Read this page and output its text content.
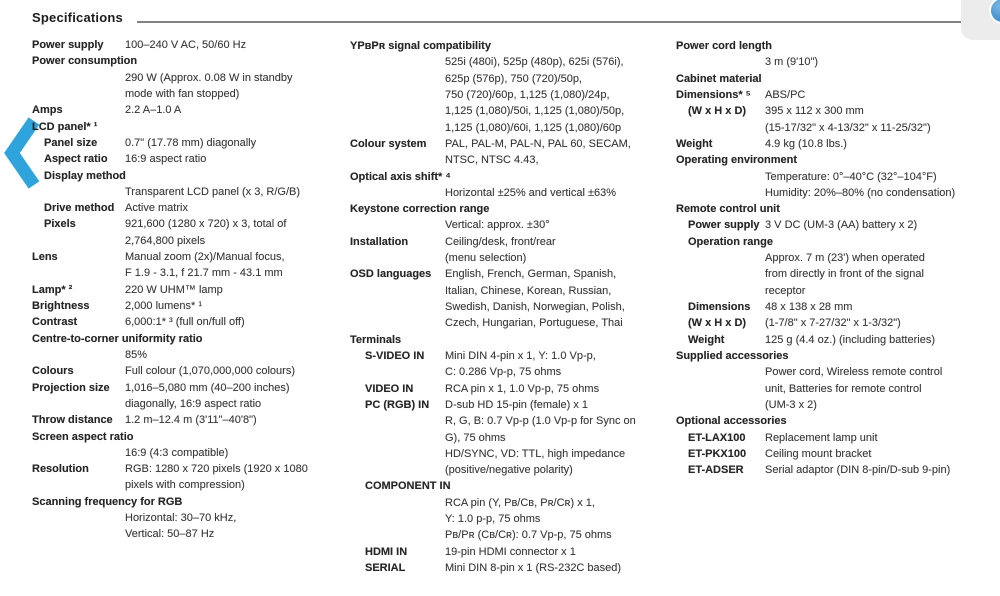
Specifications
Power supply 100–240 V AC, 50/60 Hz
Power consumption
290 W (Approx. 0.08 W in standby
mode with fan stopped)
Amps	2.2 A–1.0 A
LCD panel* ¹
Panel size	0.7" (17.78 mm) diagonally
Aspect ratio 16:9 aspect ratio
Display method
Transparent LCD panel (x 3, R/G/B)
Drive method Active matrix
Pixels	921,600 (1280 x 720) x 3, total of
2,764,800 pixels
Lens	Manual zoom (2x)/Manual focus,
F 1.9 - 3.1, f 21.7 mm - 43.1 mm
Lamp* ²	220 W UHM™ lamp
Brightness	2,000 lumens* ¹
Contrast	6,000:1* ³ (full on/full off)
Centre-to-corner uniformity ratio
85%
Colours	Full colour (1,070,000,000 colours)
Projection size 1,016–5,080 mm (40–200 inches)
diagonally, 16:9 aspect ratio
Throw distance 1.2 m–12.4 m (3'11"–40'8")
Screen aspect ratio
16:9 (4:3 compatible)
Resolution	RGB: 1280 x 720 pixels (1920 x 1080
pixels with compression)
Scanning frequency for RGB
Horizontal: 30–70 kHz,
Vertical: 50–87 Hz
YPʙPʀ signal compatibility
525i (480i), 525p (480p), 625i (576i),
625p (576p), 750 (720)/50p,
750 (720)/60p, 1,125 (1,080)/24p,
1,125 (1,080)/50i, 1,125 (1,080)/50p,
1,125 (1,080)/60i, 1,125 (1,080)/60p
Colour system PAL, PAL-M, PAL-N, PAL 60, SECAM,
NTSC, NTSC 4.43,
Optical axis shift* ⁴
Horizontal ±25% and vertical ±63%
Keystone correction range
Vertical: approx. ±30°
Installation	Ceiling/desk, front/rear
(menu selection)
OSD languages English, French, German, Spanish,
Italian, Chinese, Korean, Russian,
Swedish, Danish, Norwegian, Polish,
Czech, Hungarian, Portuguese, Thai
Terminals
S-VIDEO IN Mini DIN 4-pin x 1, Y: 1.0 Vp-p,
C: 0.286 Vp-p, 75 ohms
VIDEO IN	RCA pin x 1, 1.0 Vp-p, 75 ohms
PC (RGB) IN D-sub HD 15-pin (female) x 1
R, G, B: 0.7 Vp-p (1.0 Vp-p for Sync on
G), 75 ohms
HD/SYNC, VD: TTL, high impedance
(positive/negative polarity)
COMPONENT IN
RCA pin (Y, Pʙ/Cʙ, Pʀ/Cʀ) x 1,
Y: 1.0 p-p, 75 ohms
Pʙ/Pʀ (Cʙ/Cʀ): 0.7 Vp-p, 75 ohms
HDMI IN	19-pin HDMI connector x 1
SERIAL	Mini DIN 8-pin x 1 (RS-232C based)
Power cord length
3 m (9'10")
Cabinet material
Dimensions* ⁵ ABS/PC
(W x H x D) 395 x 112 x 300 mm
(15-17/32" x 4-13/32" x 11-25/32")
Weight	4.9 kg (10.8 lbs.)
Operating environment
Temperature: 0°–40°C (32°–104°F)
Humidity: 20%–80% (no condensation)
Remote control unit
Power supply 3 V DC (UM-3 (AA) battery x 2)
Operation range
Approx. 7 m (23') when operated
from directly in front of the signal
receptor
Dimensions 48 x 138 x 28 mm
(W x H x D) (1-7/8" x 7-27/32" x 1-3/32")
Weight	125 g (4.4 oz.) (including batteries)
Supplied accessories
Power cord, Wireless remote control
unit, Batteries for remote control
(UM-3 x 2)
Optional accessories
ET-LAX100 Replacement lamp unit
ET-PKX100 Ceiling mount bracket
ET-ADSER Serial adaptor (DIN 8-pin/D-sub 9-pin)
